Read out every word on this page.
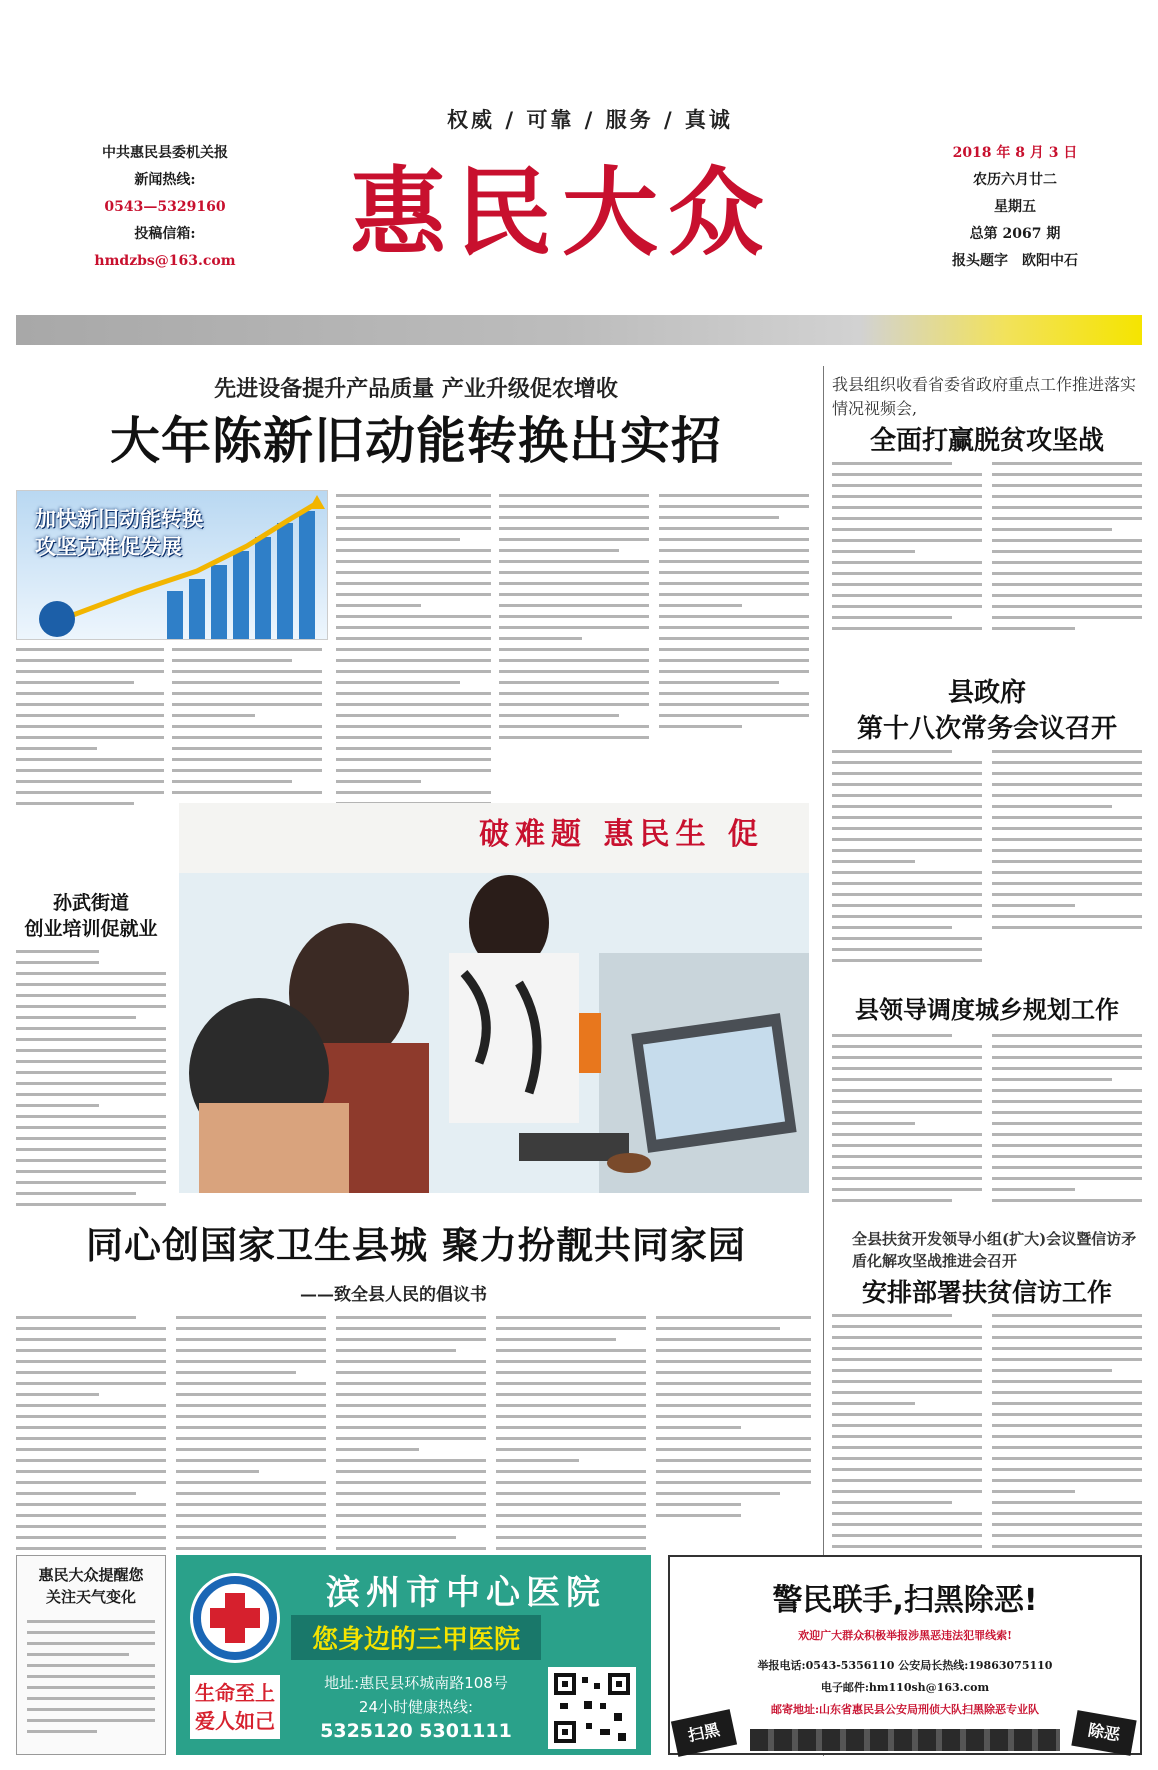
权威 / 可靠 / 服务 / 真诚
中共惠民县委机关报
新闻热线:
0543—5329160
投稿信箱:
hmdzbs@163.com	惠民大众
2018 年 8 月 3 日
农历六月廿二
星期五
总第 2067 期
报头题字　欧阳中石
先进设备提升产品质量 产业升级促农增收
大年陈新旧动能转换出实招
加快新旧动能转换
攻坚克难促发展
孙武街道
创业培训促就业
破难题 惠民生 促
我县组织收看省委省政府重点工作推进落实情况视频会,
全面打赢脱贫攻坚战
县政府
第十八次常务会议召开
县领导调度城乡规划工作
全县扶贫开发领导小组(扩大)会议暨信访矛盾化解攻坚战推进会召开
安排部署扶贫信访工作
同心创国家卫生县城 聚力扮靓共同家园
——致全县人民的倡议书
惠民大众提醒您
关注天气变化
生命至上
爱人如己
滨州市中心医院
您身边的三甲医院
地址:惠民县环城南路108号
24小时健康热线:
5325120 5301111
警民联手,扫黑除恶!
欢迎广大群众积极举报涉黑恶违法犯罪线索!
举报电话:0543-5356110 公安局长热线:19863075110
电子邮件:hm110sh@163.com
邮寄地址:山东省惠民县公安局刑侦大队扫黑除恶专业队
扫黑	除恶
